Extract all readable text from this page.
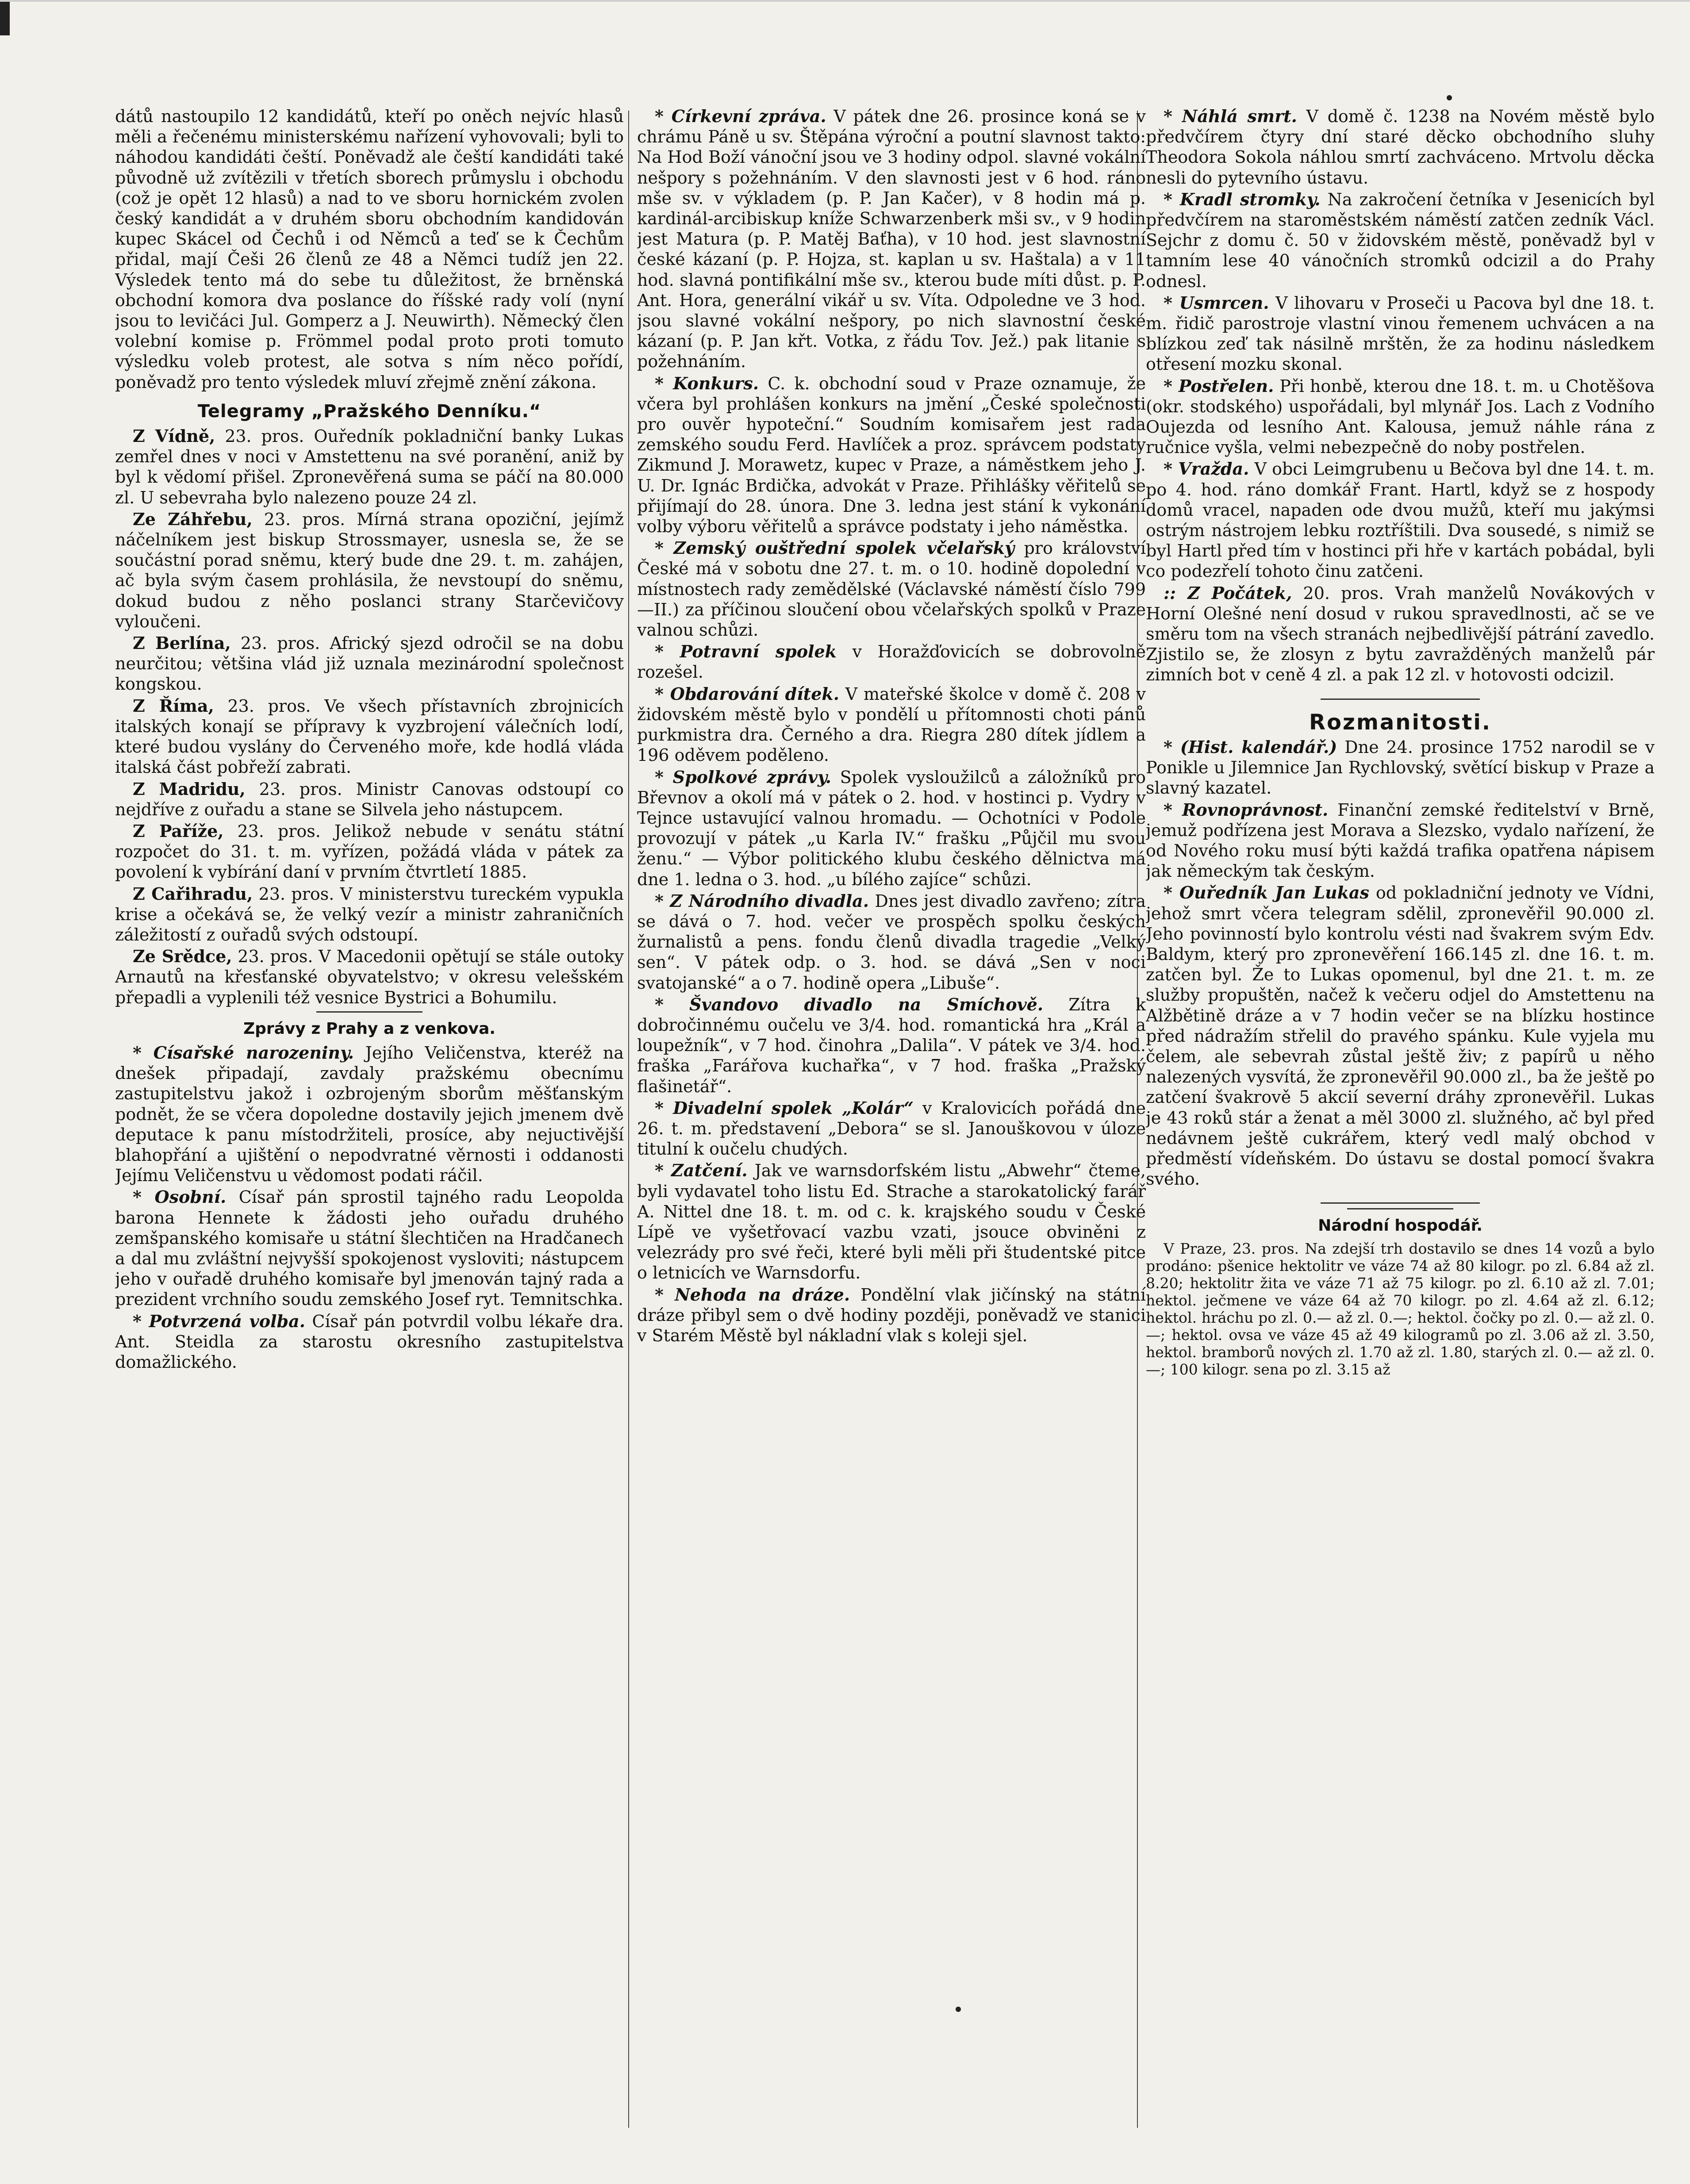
dátů nastoupilo 12 kandidátů, kteří po oněch nejvíc hlasů měli a řečenému ministerskému nařízení vyhovovali; byli to náhodou kandidáti čeští. Poněvadž ale čeští kandidáti také původně už zvítězili v třetích sborech průmyslu i obchodu (což je opět 12 hlasů) a nad to ve sboru hornickém zvolen český kandidát a v druhém sboru obchodním kandidován kupec Skácel od Čechů i od Němců a teď se k Čechům přidal, mají Češi 26 členů ze 48 a Němci tudíž jen 22. Výsledek tento má do sebe tu důležitost, že brněnská obchodní komora dva poslance do říšské rady volí (nyní jsou to levičáci Jul. Gomperz a J. Neuwirth). Německý člen volební komise p. Frömmel podal proto proti tomuto výsledku voleb protest, ale sotva s ním něco pořídí, poněvadž pro tento výsledek mluví zřejmě znění zákona.

Telegramy „Pražského Denníku.“

Z Vídně, 23. pros. Ouředník pokladniční banky Lukas zemřel dnes v noci v Amstettenu na své poranění, aniž by byl k vědomí přišel. Zpronevěřená suma se páčí na 80.000 zl. U sebevraha bylo nalezeno pouze 24 zl.

Ze Záhřebu, 23. pros. Mírná strana opoziční, jejímž náčelníkem jest biskup Strossmayer, usnesla se, že se součástní porad sněmu, který bude dne 29. t. m. zahájen, ač byla svým časem prohlásila, že nevstoupí do sněmu, dokud budou z něho poslanci strany Starčevičovy vyloučeni.

Z Berlína, 23. pros. Africký sjezd odročil se na dobu neurčitou; většina vlád již uznala mezinárodní společnost kongskou.

Z Říma, 23. pros. Ve všech přístavních zbrojnicích italských konají se přípravy k vyzbrojení válečních lodí, které budou vyslány do Červeného moře, kde hodlá vláda italská část pobřeží zabrati.

Z Madridu, 23. pros. Ministr Canovas odstoupí co nejdříve z ouřadu a stane se Silvela jeho nástupcem.

Z Paříže, 23. pros. Jelikož nebude v senátu státní rozpočet do 31. t. m. vyřízen, požádá vláda v pátek za povolení k vybírání daní v prvním čtvrtletí 1885.

Z Cařihradu, 23. pros. V ministerstvu tureckém vypukla krise a očekává se, že velký vezír a ministr zahraničních záležitostí z ouřadů svých odstoupí.

Ze Srědce, 23. pros. V Macedonii opětují se stále outoky Arnautů na křesťanské obyvatelstvo; v okresu velešském přepadli a vyplenili též vesnice Bystrici a Bohumilu.

Zprávy z Prahy a z venkova.

* Císařské narozeniny. Jejího Veličenstva, kteréž na dnešek připadají, zavdaly pražskému obecnímu zastupitelstvu jakož i ozbrojeným sborům měšťanským podnět, že se včera dopoledne dostavily jejich jmenem dvě deputace k panu místodržiteli, prosíce, aby nejuctivější blahopřání a ujištění o nepodvratné věrnosti i oddanosti Jejímu Veličenstvu u vědomost podati ráčil.

* Osobní. Císař pán sprostil tajného radu Leopolda barona Hennete k žádosti jeho ouřadu druhého zemšpanského komisaře u státní šlechtičen na Hradčanech a dal mu zvláštní nejvyšší spokojenost vysloviti; nástupcem jeho v ouřadě druhého komisaře byl jmenován tajný rada a prezident vrchního soudu zemského Josef ryt. Temnitschka.

* Potvrzená volba. Císař pán potvrdil volbu lékaře dra. Ant. Steidla za starostu okresního zastupitelstva domažlického.

* Církevní zpráva. V pátek dne 26. prosince koná se v chrámu Páně u sv. Štěpána výroční a poutní slavnost takto: Na Hod Boží vánoční jsou ve 3 hodiny odpol. slavné vokální nešpory s požehnáním. V den slavnosti jest v 6 hod. ráno mše sv. v výkladem (p. P. Jan Kačer), v 8 hodin má p. kardinál-arcibiskup kníže Schwarzenberk mši sv., v 9 hodin jest Matura (p. P. Matěj Baťha), v 10 hod. jest slavnostní české kázaní (p. P. Hojza, st. kaplan u sv. Haštala) a v 11 hod. slavná pontifikální mše sv., kterou bude míti důst. p. P. Ant. Hora, generální vikář u sv. Víta. Odpoledne ve 3 hod. jsou slavné vokální nešpory, po nich slavnostní české kázaní (p. P. Jan křt. Votka, z řádu Tov. Jež.) pak litanie s požehnáním.

* Konkurs. C. k. obchodní soud v Praze oznamuje, že včera byl prohlášen konkurs na jmění „České společnosti pro ouvěr hypoteční.“ Soudním komisařem jest rada zemského soudu Ferd. Havlíček a proz. správcem podstaty Zikmund J. Morawetz, kupec v Praze, a náměstkem jeho J. U. Dr. Ignác Brdička, advokát v Praze. Přihlášky věřitelů se přijímají do 28. února. Dne 3. ledna jest stání k vykonání volby výboru věřitelů a správce podstaty i jeho náměstka.

* Zemský ouštřední spolek včelařský pro království České má v sobotu dne 27. t. m. o 10. hodině dopolední v místnostech rady zemědělské (Václavské náměstí číslo 799—II.) za příčinou sloučení obou včelařských spolků v Praze valnou schůzi.

* Potravní spolek v Horažďovicích se dobrovolně rozešel.

* Obdarování dítek. V mateřské školce v domě č. 208 v židovském městě bylo v pondělí u přítomnosti choti pánů purkmistra dra. Černého a dra. Riegra 280 dítek jídlem a 196 oděvem poděleno.

* Spolkové zprávy. Spolek vysloužilců a záložníků pro Břevnov a okolí má v pátek o 2. hod. v hostinci p. Vydry v Tejnce ustavující valnou hromadu. — Ochotníci v Podole provozují v pátek „u Karla IV.“ frašku „Půjčil mu svou ženu.“ — Výbor politického klubu českého dělnictva má dne 1. ledna o 3. hod. „u bílého zajíce“ schůzi.

* Z Národního divadla. Dnes jest divadlo zavřeno; zítra se dává o 7. hod. večer ve prospěch spolku českých žurnalistů a pens. fondu členů divadla tragedie „Velký sen“. V pátek odp. o 3. hod. se dává „Sen v noci svatojanské“ a o 7. hodině opera „Libuše“.

* Švandovo divadlo na Smíchově. Zítra k dobročinnému oučelu ve 3/4. hod. romantická hra „Král a loupežník“, v 7 hod. činohra „Dalila“. V pátek ve 3/4. hod. fraška „Farářova kuchařka“, v 7 hod. fraška „Pražský flašinetář“.

* Divadelní spolek „Kolár“ v Kralovicích pořádá dne 26. t. m. představení „Debora“ se sl. Janouškovou v úloze titulní k oučelu chudých.

* Zatčení. Jak ve warnsdorfském listu „Abwehr“ čteme, byli vydavatel toho listu Ed. Strache a starokatolický farář A. Nittel dne 18. t. m. od c. k. krajského soudu v České Lípě ve vyšetřovací vazbu vzati, jsouce obviněni z velezrády pro své řeči, které byli měli při študentské pitce o letnicích ve Warnsdorfu.

* Nehoda na dráze. Pondělní vlak jičínský na státní dráze přibyl sem o dvě hodiny později, poněvadž ve stanici v Starém Městě byl nákladní vlak s koleji sjel.

* Náhlá smrt. V domě č. 1238 na Novém městě bylo předvčírem čtyry dní staré děcko obchodního sluhy Theodora Sokola náhlou smrtí zachváceno. Mrtvolu děcka nesli do pytevního ústavu.

* Kradl stromky. Na zakročení četníka v Jesenicích byl předvčírem na staroměstském náměstí zatčen zedník Václ. Sejchr z domu č. 50 v židovském městě, poněvadž byl v tamním lese 40 vánočních stromků odcizil a do Prahy odnesl.

* Usmrcen. V lihovaru v Proseči u Pacova byl dne 18. t. m. řidič parostroje vlastní vinou řemenem uchvácen a na blízkou zeď tak násilně mrštěn, že za hodinu následkem otřesení mozku skonal.

* Postřelen. Při honbě, kterou dne 18. t. m. u Chotěšova (okr. stodského) uspořádali, byl mlynář Jos. Lach z Vodního Oujezda od lesního Ant. Kalousa, jemuž náhle rána z ručnice vyšla, velmi nebezpečně do noby postřelen.

* Vražda. V obci Leimgrubenu u Bečova byl dne 14. t. m. po 4. hod. ráno domkář Frant. Hartl, když se z hospody domů vracel, napaden ode dvou mužů, kteří mu jakýmsi ostrým nástrojem lebku roztříštili. Dva sousedé, s nimiž se byl Hartl před tím v hostinci při hře v kartách pobádal, byli co podezřelí tohoto činu zatčeni.

:: Z Počátek, 20. pros. Vrah manželů Novákových v Horní Olešné není dosud v rukou spravedlnosti, ač se ve směru tom na všech stranách nejbedlivější pátrání zavedlo. Zjistilo se, že zlosyn z bytu zavražděných manželů pár zimních bot v ceně 4 zl. a pak 12 zl. v hotovosti odcizil.

Rozmanitosti.

* (Hist. kalendář.) Dne 24. prosince 1752 narodil se v Ponikle u Jilemnice Jan Rychlovský, světící biskup v Praze a slavný kazatel.

* Rovnoprávnost. Finanční zemské ředitelství v Brně, jemuž podřízena jest Morava a Slezsko, vydalo nařízení, že od Nového roku musí býti každá trafika opatřena nápisem jak německým tak českým.

* Ouředník Jan Lukas od pokladniční jednoty ve Vídni, jehož smrt včera telegram sdělil, zpronevěřil 90.000 zl. Jeho povinností bylo kontrolu vésti nad švakrem svým Edv. Baldym, který pro zpronevěření 166.145 zl. dne 16. t. m. zatčen byl. Že to Lukas opomenul, byl dne 21. t. m. ze služby propuštěn, načež k večeru odjel do Amstettenu na Alžbětině dráze a v 7 hodin večer se na blízku hostince před nádražím střelil do pravého spánku. Kule vyjela mu čelem, ale sebevrah zůstal ještě živ; z papírů u něho nalezených vysvítá, že zpronevěřil 90.000 zl., ba že ještě po zatčení švakrově 5 akcií severní dráhy zpronevěřil. Lukas je 43 roků stár a ženat a měl 3000 zl. služného, ač byl před nedávnem ještě cukrářem, který vedl malý obchod v předměstí vídeňském. Do ústavu se dostal pomocí švakra svého.

Národní hospodář.

V Praze, 23. pros. Na zdejší trh dostavilo se dnes 14 vozů a bylo prodáno: pšenice hektolitr ve váze 74 až 80 kilogr. po zl. 6.84 až zl. 8.20; hektolitr žita ve váze 71 až 75 kilogr. po zl. 6.10 až zl. 7.01; hektol. ječmene ve váze 64 až 70 kilogr. po zl. 4.64 až zl. 6.12; hektol. hráchu po zl. 0.— až zl. 0.—; hektol. čočky po zl. 0.— až zl. 0.—; hektol. ovsa ve váze 45 až 49 kilogramů po zl. 3.06 až zl. 3.50, hektol. bramborů nových zl. 1.70 až zl. 1.80, starých zl. 0.— až zl. 0.—; 100 kilogr. sena po zl. 3.15 až
